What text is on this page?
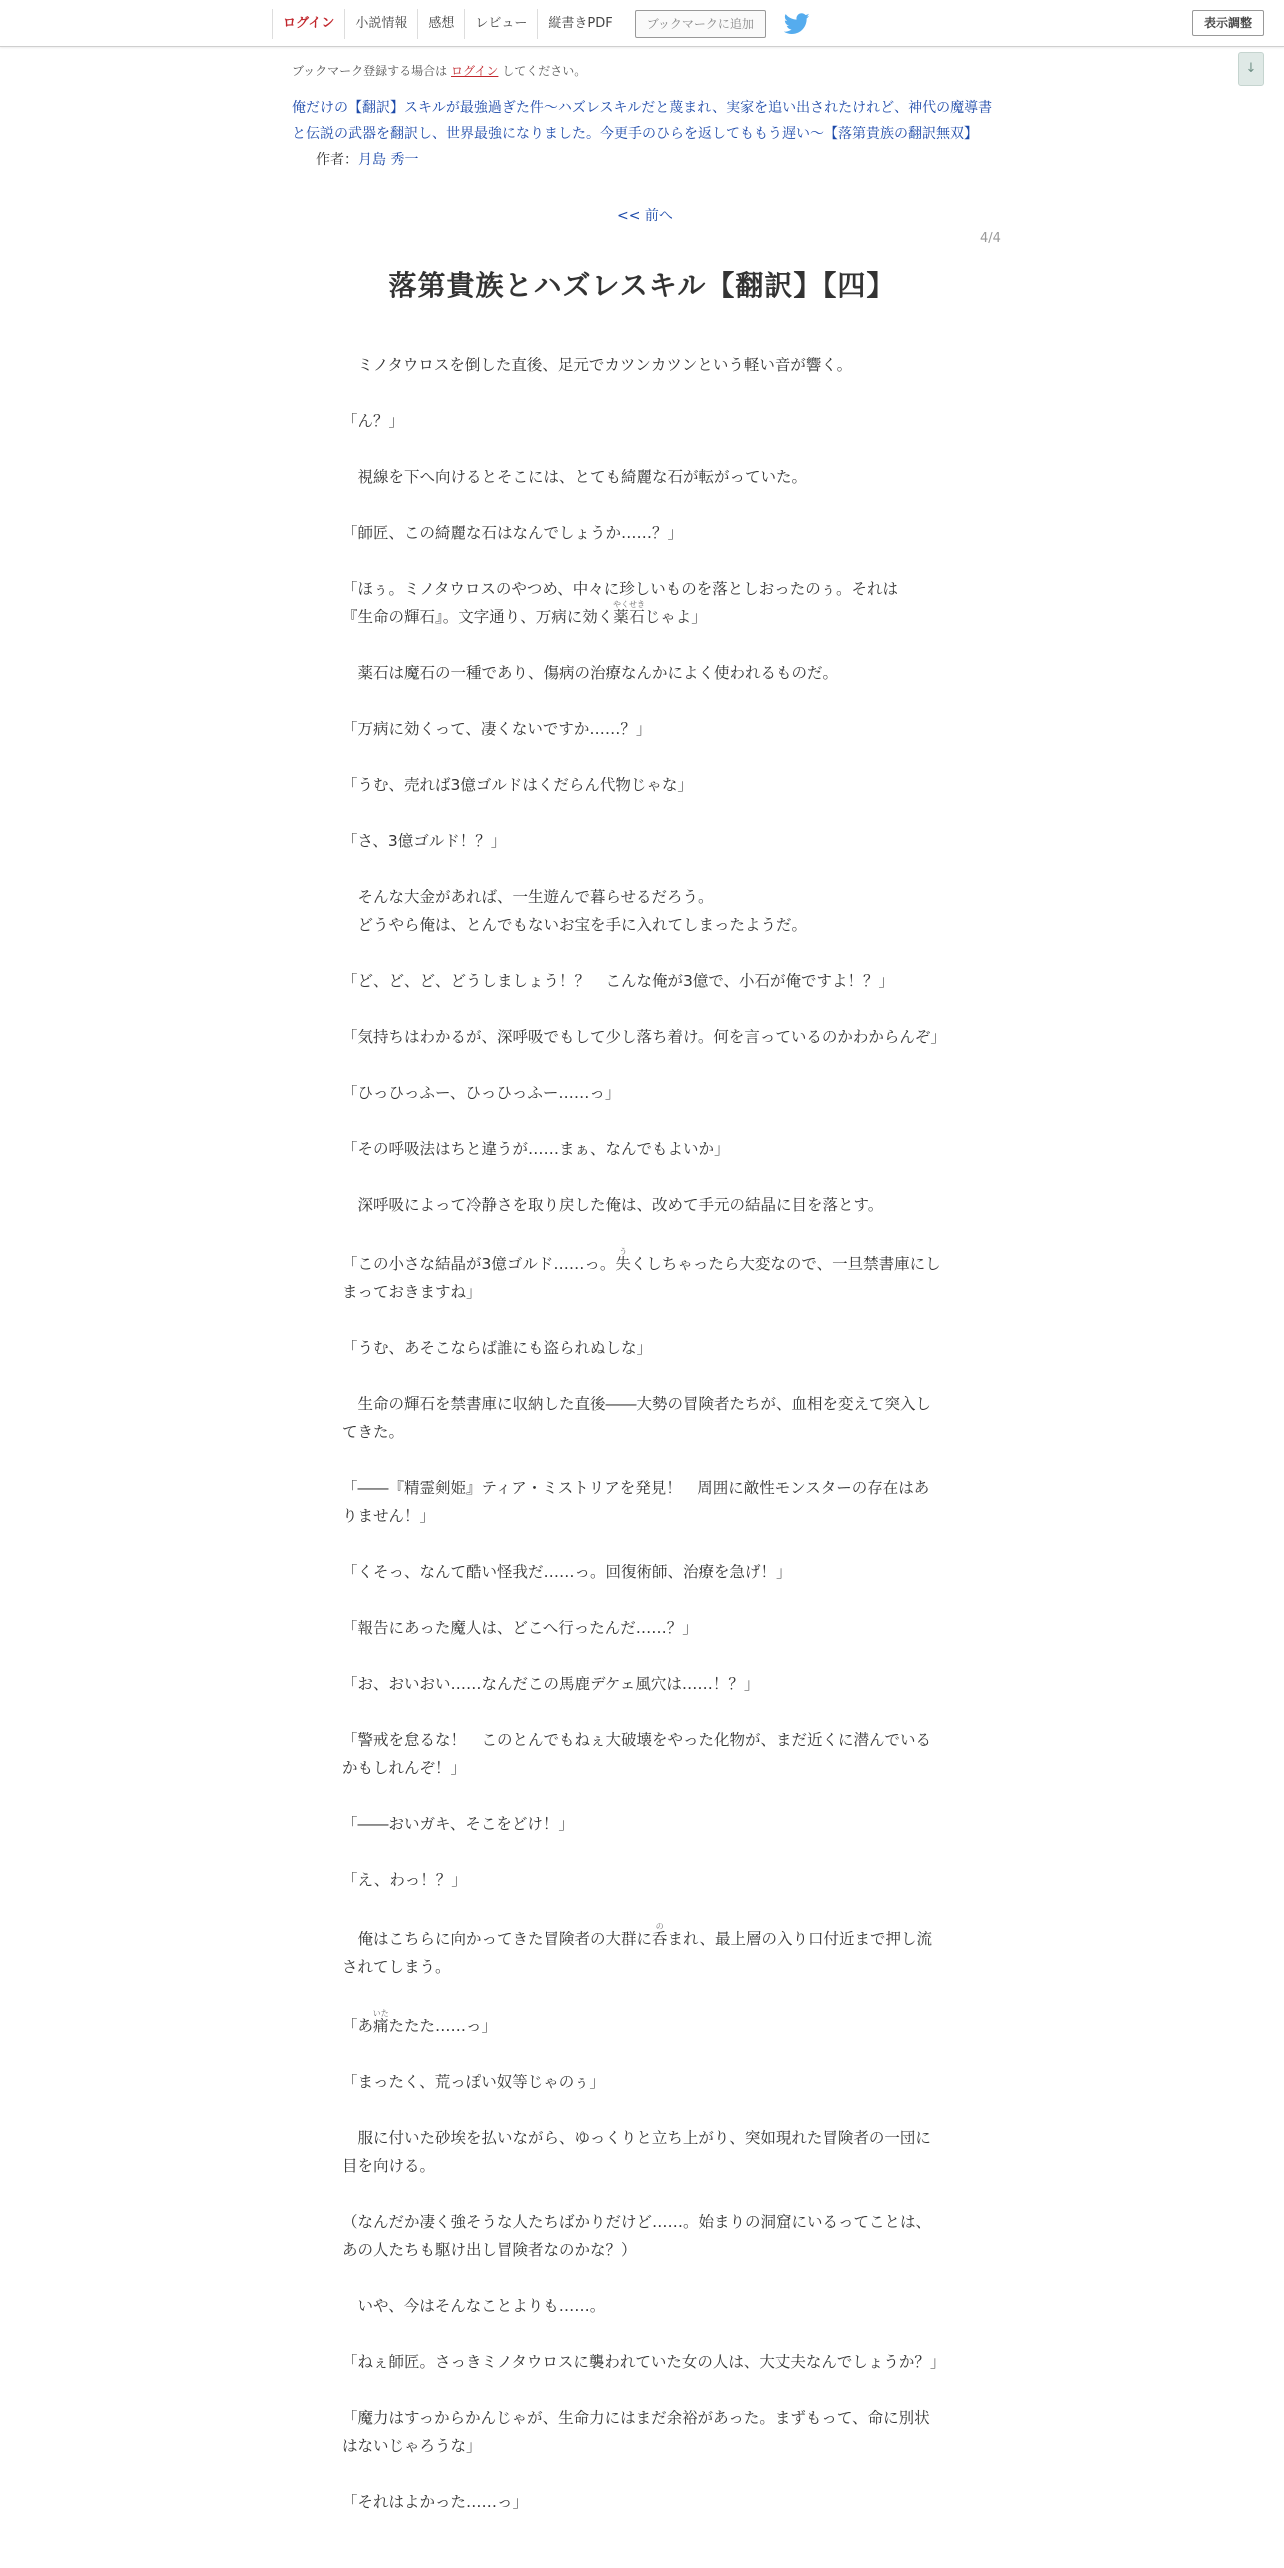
ログイン	小説情報	感想	レビュー	縦書きPDF	ブックマークに追加	表示調整
↓
ブックマーク登録する場合は ログイン してください。
俺だけの【翻訳】スキルが最強過ぎた件～ハズレスキルだと蔑まれ、実家を追い出されたけれど、神代の魔導書と伝説の武器を翻訳し、世界最強になりました。今更手のひらを返してももう遅い～【落第貴族の翻訳無双】作者：月島 秀一
<< 前へ
4/4
落第貴族とハズレスキル【翻訳】【四】

　ミノタウロスを倒した直後、足元でカツンカツンという軽い音が響く。

「ん？」

　視線を下へ向けるとそこには、とても綺麗な石が転がっていた。

「師匠、この綺麗な石はなんでしょうか……？」

「ほぅ。ミノタウロスのやつめ、中々に珍しいものを落としおったのぅ。それは
『生命の輝石』。文字通り、万病に効く薬石やくせきじゃよ」

　薬石は魔石の一種であり、傷病の治療なんかによく使われるものだ。

「万病に効くって、凄くないですか……？」

「うむ、売れば3億ゴルドはくだらん代物じゃな」

「さ、3億ゴルド！？」

　そんな大金があれば、一生遊んで暮らせるだろう。
　どうやら俺は、とんでもないお宝を手に入れてしまったようだ。

「ど、ど、ど、どうしましょう！？　こんな俺が3億で、小石が俺ですよ！？」

「気持ちはわかるが、深呼吸でもして少し落ち着け。何を言っているのかわからんぞ」

「ひっひっふー、ひっひっふー……っ」

「その呼吸法はちと違うが……まぁ、なんでもよいか」

　深呼吸によって冷静さを取り戻した俺は、改めて手元の結晶に目を落とす。

「この小さな結晶が3億ゴルド……っ。失うくしちゃったら大変なので、一旦禁書庫にしまっておきますね」

「うむ、あそこならば誰にも盗られぬしな」

　生命の輝石を禁書庫に収納した直後――大勢の冒険者たちが、血相を変えて突入してきた。

「――『精霊剣姫』ティア・ミストリアを発見！　周囲に敵性モンスターの存在はありません！」

「くそっ、なんて酷い怪我だ……っ。回復術師、治療を急げ！」

「報告にあった魔人は、どこへ行ったんだ……？」

「お、おいおい……なんだこの馬鹿デケェ風穴は……！？」

「警戒を怠るな！　このとんでもねぇ大破壊をやった化物が、まだ近くに潜んでいるかもしれんぞ！」

「――おいガキ、そこをどけ！」

「え、わっ！？」

　俺はこちらに向かってきた冒険者の大群に呑のまれ、最上層の入り口付近まで押し流されてしまう。

「あ痛いたたたた……っ」

「まったく、荒っぽい奴等じゃのぅ」

　服に付いた砂埃を払いながら、ゆっくりと立ち上がり、突如現れた冒険者の一団に目を向ける。

（なんだか凄く強そうな人たちばかりだけど……。始まりの洞窟にいるってことは、あの人たちも駆け出し冒険者なのかな？）

　いや、今はそんなことよりも……。

「ねぇ師匠。さっきミノタウロスに襲われていた女の人は、大丈夫なんでしょうか？」

「魔力はすっからかんじゃが、生命力にはまだ余裕があった。まずもって、命に別状はないじゃろうな」

「それはよかった……っ」
